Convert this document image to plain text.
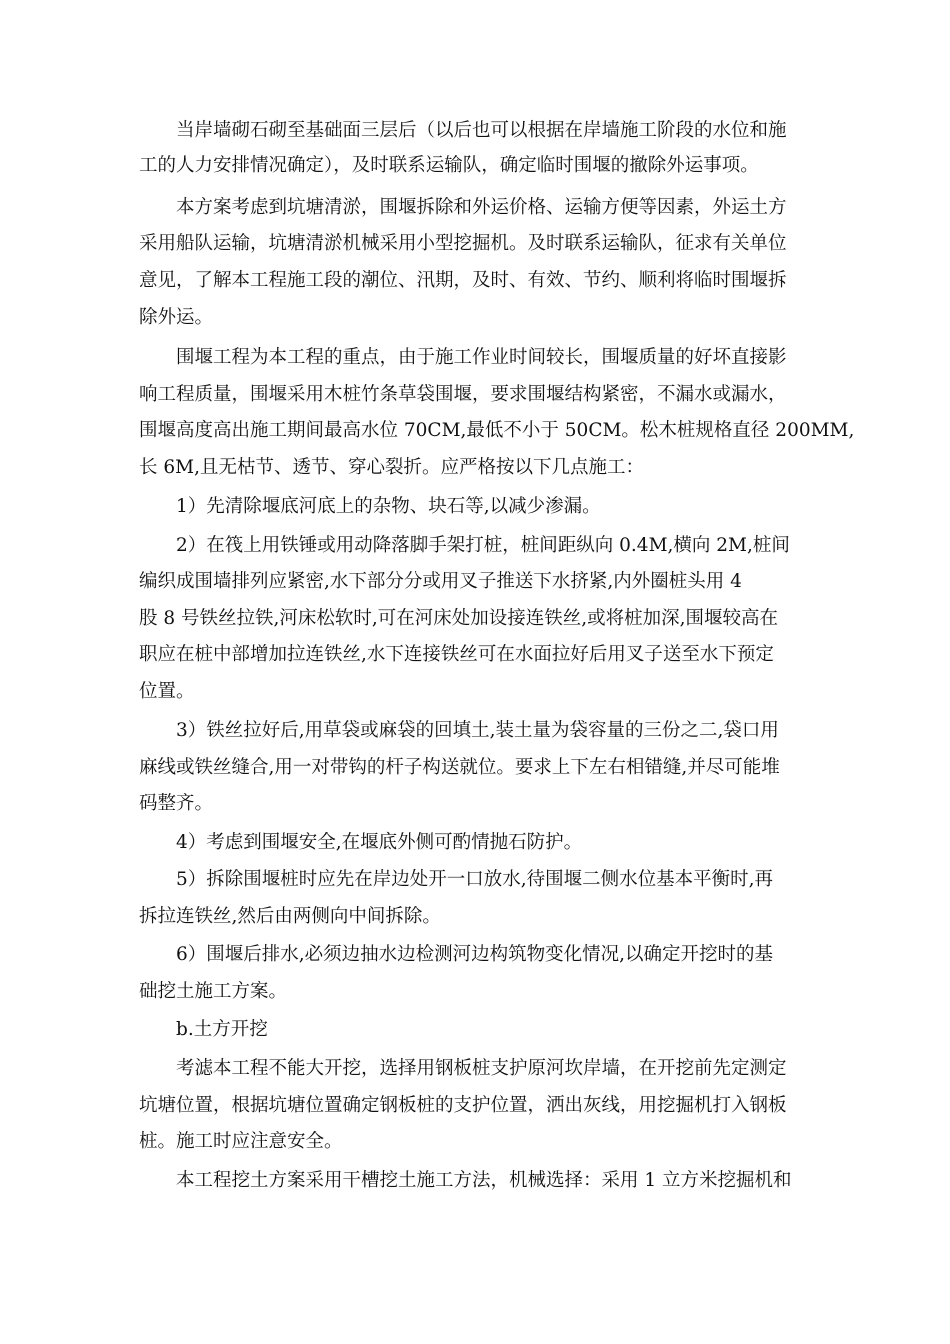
当岸墙砌石砌至基础面三层后（以后也可以根据在岸墙施工阶段的水位和施
工的人力安排情况确定），及时联系运输队，确定临时围堰的撤除外运事项。
本方案考虑到坑塘清淤，围堰拆除和外运价格、运输方便等因素，外运土方
采用船队运输，坑塘清淤机械采用小型挖掘机。及时联系运输队，征求有关单位
意见，了解本工程施工段的潮位、汛期，及时、有效、节约、顺利将临时围堰拆
除外运。
围堰工程为本工程的重点，由于施工作业时间较长，围堰质量的好坏直接影
响工程质量，围堰采用木桩竹条草袋围堰，要求围堰结构紧密，不漏水或漏水，
围堰高度高出施工期间最高水位 70CM,最低不小于 50CM。松木桩规格直径 200MM,
长 6M,且无枯节、透节、穿心裂折。应严格按以下几点施工：
1）先清除堰底河底上的杂物、块石等,以减少渗漏。
2）在筏上用铁锤或用动降落脚手架打桩，桩间距纵向 0.4M,横向 2M,桩间
编织成围墙排列应紧密,水下部分分或用叉子推送下水挤紧,内外圈桩头用 4
股 8 号铁丝拉铁,河床松软时,可在河床处加设接连铁丝,或将桩加深,围堰较高在
职应在桩中部增加拉连铁丝,水下连接铁丝可在水面拉好后用叉子送至水下预定
位置。
3）铁丝拉好后,用草袋或麻袋的回填土,装土量为袋容量的三份之二,袋口用
麻线或铁丝缝合,用一对带钩的杆子构送就位。要求上下左右相错缝,并尽可能堆
码整齐。
4）考虑到围堰安全,在堰底外侧可酌情抛石防护。
5）拆除围堰桩时应先在岸边处开一口放水,待围堰二侧水位基本平衡时,再
拆拉连铁丝,然后由两侧向中间拆除。
6）围堰后排水,必须边抽水边检测河边构筑物变化情况,以确定开挖时的基
础挖土施工方案。
b.土方开挖
考滤本工程不能大开挖，选择用钢板桩支护原河坎岸墙，在开挖前先定测定
坑塘位置，根据坑塘位置确定钢板桩的支护位置，洒出灰线，用挖掘机打入钢板
桩。施工时应注意安全。
本工程挖土方案采用干槽挖土施工方法，机械选择：采用 1 立方米挖掘机和
